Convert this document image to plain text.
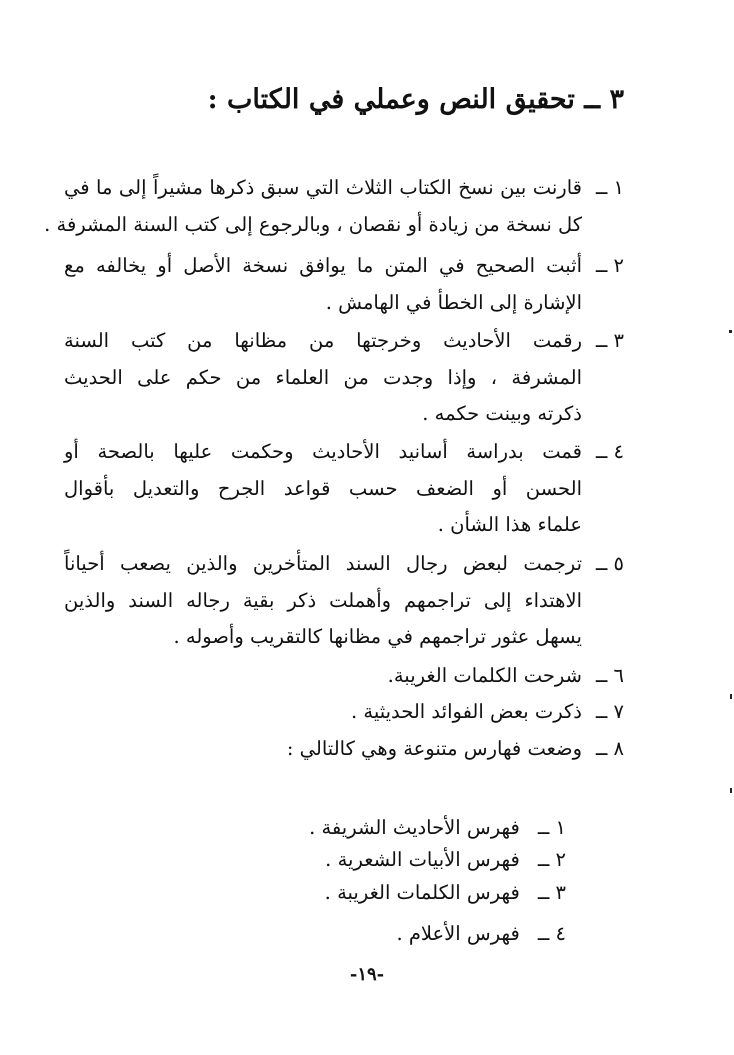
٣ ــ تحقيق النص وعملي في الكتاب :
١ ــ
قارنت بين نسخ الكتاب الثلاث التي سبق ذكرها مشيراً إلى ما في
كل نسخة من زيادة أو نقصان ، وبالرجوع إلى كتب السنة المشرفة .
٢ ــ
أثبت الصحيح في المتن ما يوافق نسخة الأصل أو يخالفه مع
الإشارة إلى الخطأ في الهامش .
٣ ــ
رقمت الأحاديث وخرجتها من مظانها من كتب السنة
المشرفة ، وإذا وجدت من العلماء من حكم على الحديث
ذكرته وبينت حكمه .
٤ ــ
قمت بدراسة أسانيد الأحاديث وحكمت عليها بالصحة أو
الحسن أو الضعف حسب قواعد الجرح والتعديل بأقوال
علماء هذا الشأن .
٥ ــ
ترجمت لبعض رجال السند المتأخرين والذين يصعب أحياناً
الاهتداء إلى تراجمهم وأهملت ذكر بقية رجاله السند والذين
يسهل عثور تراجمهم في مظانها كالتقريب وأصوله .
٦ ــ
شرحت الكلمات الغريبة.
٧ ــ
ذكرت بعض الفوائد الحديثية .
٨ ــ
وضعت فهارس متنوعة وهي كالتالي :
١ ــ فهرس الأحاديث الشريفة .
٢ ــ فهرس الأبيات الشعرية .
٣ ــ فهرس الكلمات الغريبة .
٤ ــ فهرس الأعلام .
-١٩-
